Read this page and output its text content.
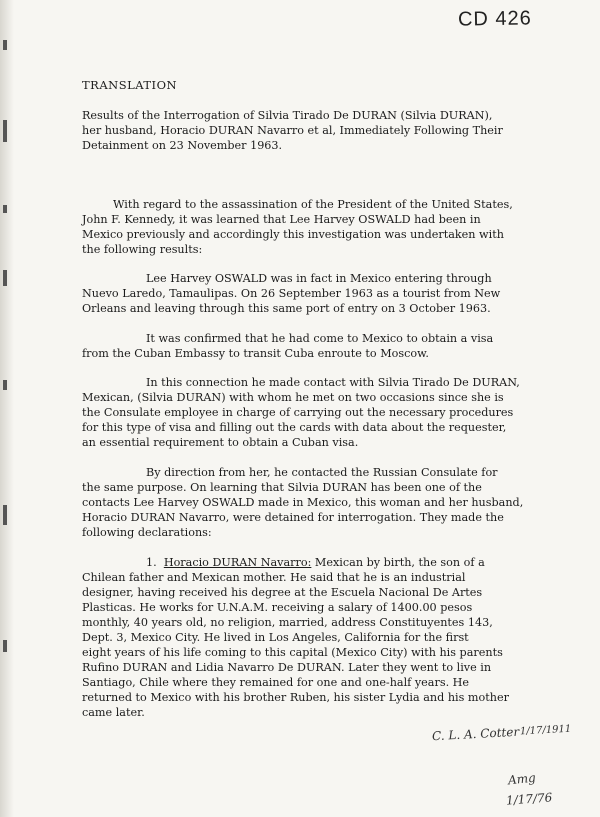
CD 426
TRANSLATION
Results of the Interrogation of Silvia Tirado De DURAN (Silvia DURAN),
her husband, Horacio DURAN Navarro et al, Immediately Following Their
Detainment on 23 November 1963.
With regard to the assassination of the President of the United States,
John F. Kennedy, it was learned that Lee Harvey OSWALD had been in
Mexico previously and accordingly this investigation was undertaken with
the following results:
Lee Harvey OSWALD was in fact in Mexico entering through
Nuevo Laredo, Tamaulipas. On 26 September 1963 as a tourist from New
Orleans and leaving through this same port of entry on 3 October 1963.
It was confirmed that he had come to Mexico to obtain a visa
from the Cuban Embassy to transit Cuba enroute to Moscow.
In this connection he made contact with Silvia Tirado De DURAN,
Mexican, (Silvia DURAN) with whom he met on two occasions since she is
the Consulate employee in charge of carrying out the necessary procedures
for this type of visa and filling out the cards with data about the requester,
an essential requirement to obtain a Cuban visa.
By direction from her, he contacted the Russian Consulate for
the same purpose. On learning that Silvia DURAN has been one of the
contacts Lee Harvey OSWALD made in Mexico, this woman and her husband,
Horacio DURAN Navarro, were detained for interrogation. They made the
following declarations:
1. Horacio DURAN Navarro: Mexican by birth, the son of a
Chilean father and Mexican mother. He said that he is an industrial
designer, having received his degree at the Escuela Nacional De Artes
Plasticas. He works for U.N.A.M. receiving a salary of 1400.00 pesos
monthly, 40 years old, no religion, married, address Constituyentes 143,
Dept. 3, Mexico City. He lived in Los Angeles, California for the first
eight years of his life coming to this capital (Mexico City) with his parents
Rufino DURAN and Lidia Navarro De DURAN. Later they went to live in
Santiago, Chile where they remained for one and one-half years. He
returned to Mexico with his brother Ruben, his sister Lydia and his mother
came later.
C. L. A. Cotter 1/17/1911
Amg
1/17/76
